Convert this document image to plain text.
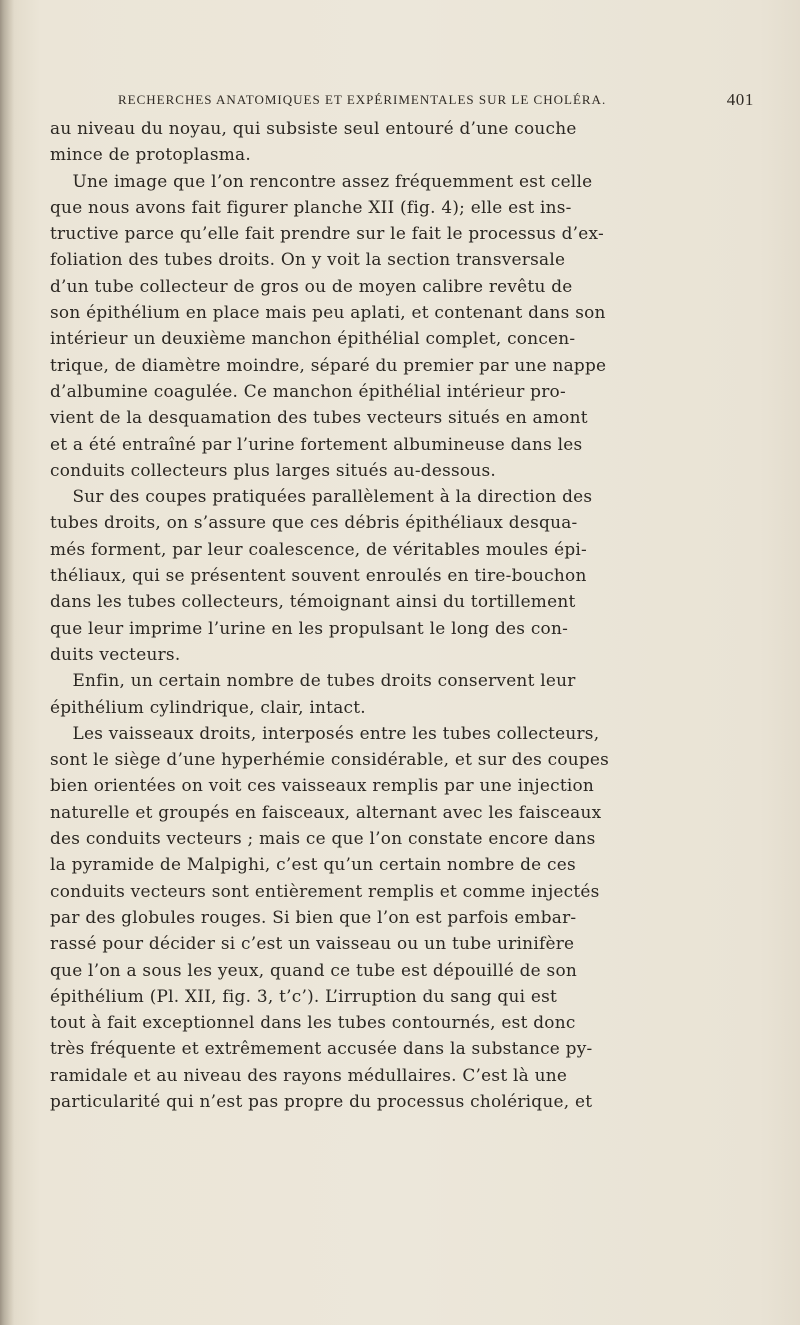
RECHERCHES ANATOMIQUES ET EXPÉRIMENTALES SUR LE CHOLÉRA.	401
au niveau du noyau, qui subsiste seul entouré d’une couche
mince de protoplasma.
Une image que l’on rencontre assez fréquemment est celle
que nous avons fait figurer planche XII (fig. 4); elle est ins-
tructive parce qu’elle fait prendre sur le fait le processus d’ex-
foliation des tubes droits. On y voit la section transversale
d’un tube collecteur de gros ou de moyen calibre revêtu de
son épithélium en place mais peu aplati, et contenant dans son
intérieur un deuxième manchon épithélial complet, concen-
trique, de diamètre moindre, séparé du premier par une nappe
d’albumine coagulée. Ce manchon épithélial intérieur pro-
vient de la desquamation des tubes vecteurs situés en amont
et a été entraîné par l’urine fortement albumineuse dans les
conduits collecteurs plus larges situés au-dessous.
Sur des coupes pratiquées parallèlement à la direction des
tubes droits, on s’assure que ces débris épithéliaux desqua-
més forment, par leur coalescence, de véritables moules épi-
théliaux, qui se présentent souvent enroulés en tire-bouchon
dans les tubes collecteurs, témoignant ainsi du tortillement
que leur imprime l’urine en les propulsant le long des con-
duits vecteurs.
Enfin, un certain nombre de tubes droits conservent leur
épithélium cylindrique, clair, intact.
Les vaisseaux droits, interposés entre les tubes collecteurs,
sont le siège d’une hyperhémie considérable, et sur des coupes
bien orientées on voit ces vaisseaux remplis par une injection
naturelle et groupés en faisceaux, alternant avec les faisceaux
des conduits vecteurs ; mais ce que l’on constate encore dans
la pyramide de Malpighi, c’est qu’un certain nombre de ces
conduits vecteurs sont entièrement remplis et comme injectés
par des globules rouges. Si bien que l’on est parfois embar-
rassé pour décider si c’est un vaisseau ou un tube urinifère
que l’on a sous les yeux, quand ce tube est dépouillé de son
épithélium (Pl. XII, fig. 3, t’c’). L’irruption du sang qui est
tout à fait exceptionnel dans les tubes contournés, est donc
très fréquente et extrêmement accusée dans la substance py-
ramidale et au niveau des rayons médullaires. C’est là une
particularité qui n’est pas propre du processus cholérique, et
